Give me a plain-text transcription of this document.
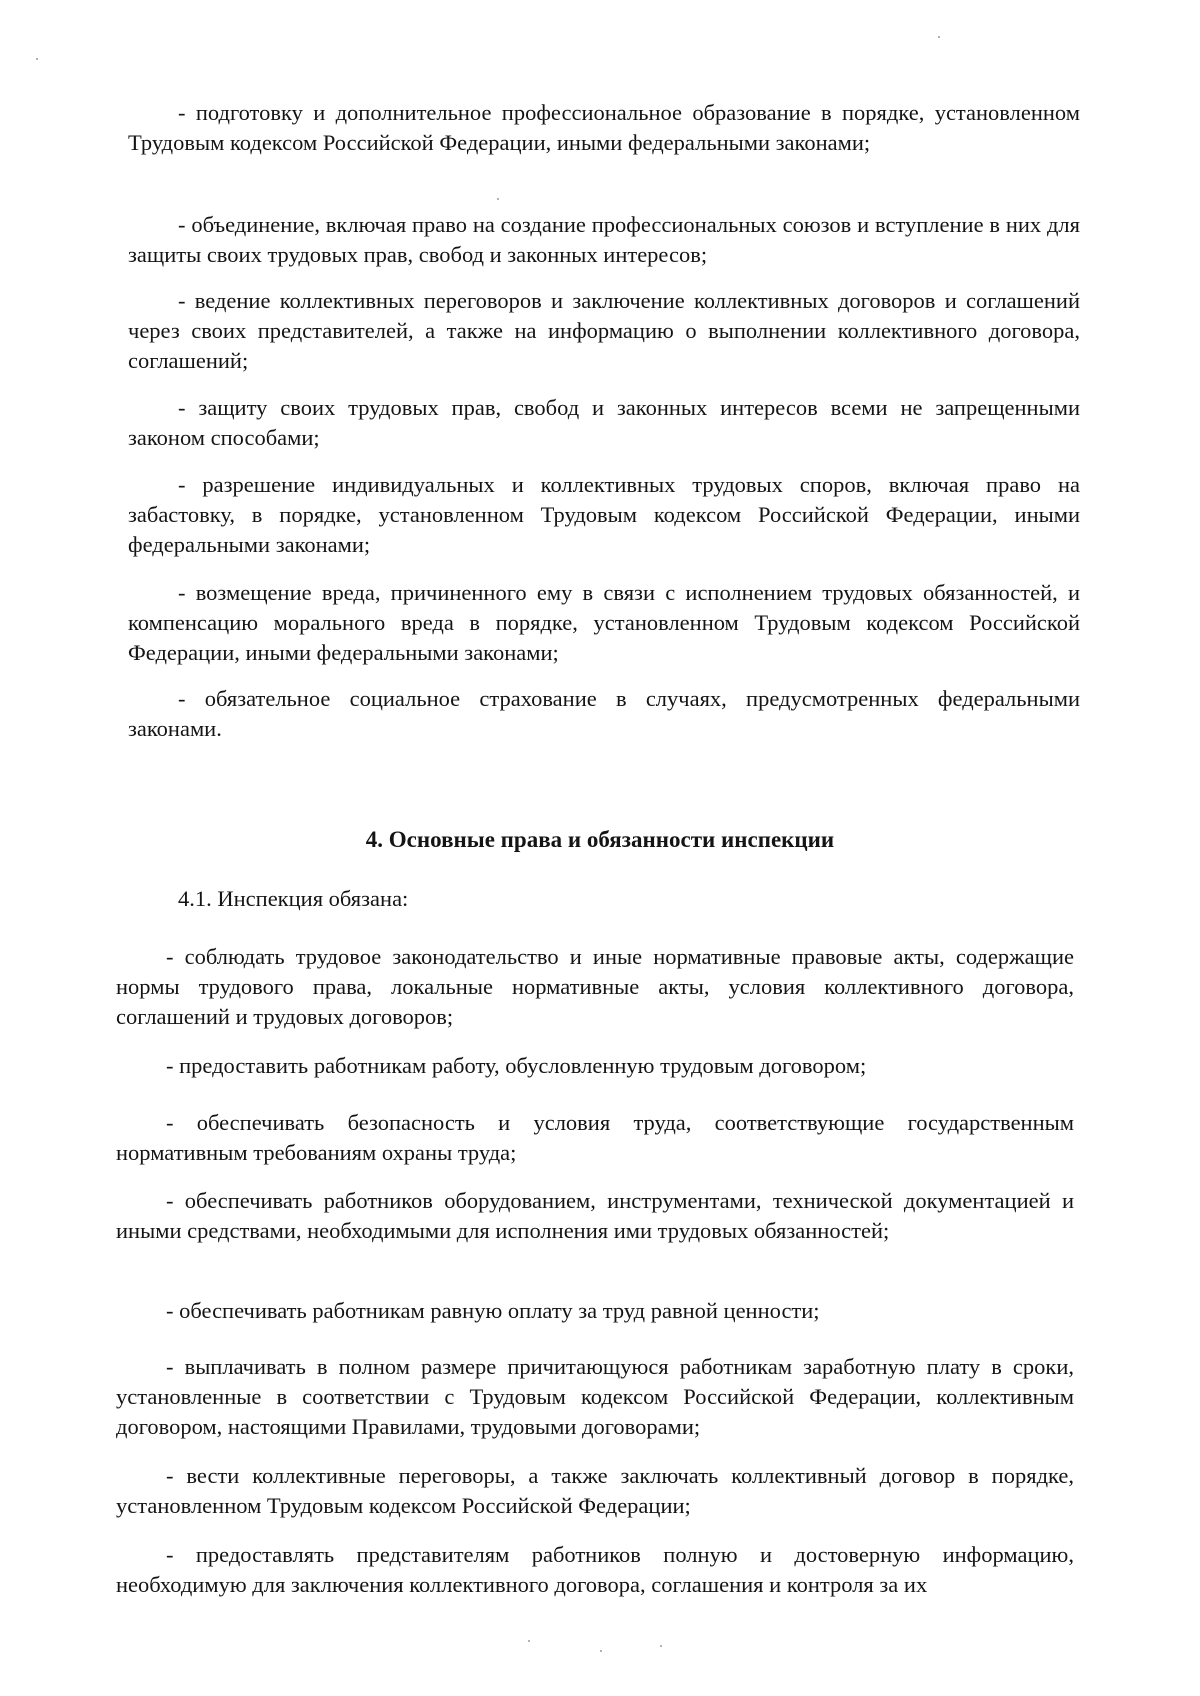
- подготовку и дополнительное профессиональное образование в порядке, установленном Трудовым кодексом Российской Федерации, иными федеральными законами;
- объединение, включая право на создание профессиональных союзов и вступление в них для защиты своих трудовых прав, свобод и законных интересов;
- ведение коллективных переговоров и заключение коллективных договоров и соглашений через своих представителей, а также на информацию о выполнении коллективного договора, соглашений;
- защиту своих трудовых прав, свобод и законных интересов всеми не запрещенными законом способами;
- разрешение индивидуальных и коллективных трудовых споров, включая право на забастовку, в порядке, установленном Трудовым кодексом Российской Федерации, иными федеральными законами;
- возмещение вреда, причиненного ему в связи с исполнением трудовых обязанностей, и компенсацию морального вреда в порядке, установленном Трудовым кодексом Российской Федерации, иными федеральными законами;
- обязательное социальное страхование в случаях, предусмотренных федеральными законами.
4. Основные права и обязанности инспекции
4.1. Инспекция обязана:
- соблюдать трудовое законодательство и иные нормативные правовые акты, содержащие нормы трудового права, локальные нормативные акты, условия коллективного договора, соглашений и трудовых договоров;
- предоставить работникам работу, обусловленную трудовым договором;
- обеспечивать безопасность и условия труда, соответствующие государственным нормативным требованиям охраны труда;
- обеспечивать работников оборудованием, инструментами, технической документацией и иными средствами, необходимыми для исполнения ими трудовых обязанностей;
- обеспечивать работникам равную оплату за труд равной ценности;
- выплачивать в полном размере причитающуюся работникам заработную плату в сроки, установленные в соответствии с Трудовым кодексом Российской Федерации, коллективным договором, настоящими Правилами, трудовыми договорами;
- вести коллективные переговоры, а также заключать коллективный договор в порядке, установленном Трудовым кодексом Российской Федерации;
- предоставлять представителям работников полную и достоверную информацию, необходимую для заключения коллективного договора, соглашения и контроля за их
